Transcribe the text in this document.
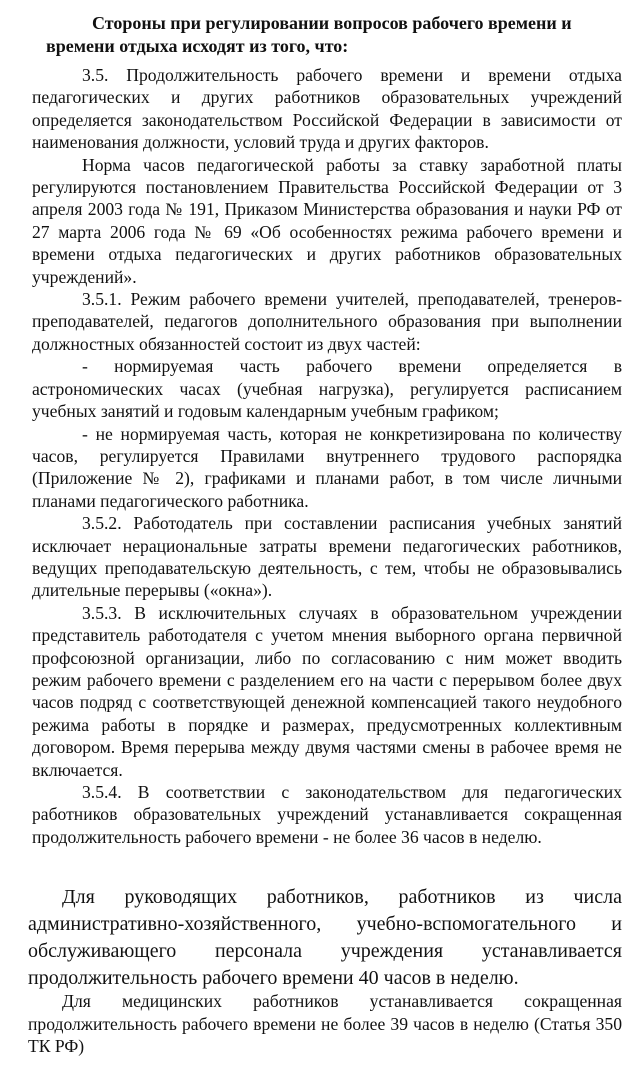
Стороны при регулировании вопросов рабочего времени и
времени отдыха исходят из того, что:

3.5. Продолжительность рабочего времени и времени отдыха педагогических и других работников образовательных учреждений определяется законодательством Российской Федерации в зависимости от наименования должности, условий труда и других факторов.

Норма часов педагогической работы за ставку заработной платы регулируются постановлением Правительства Российской Федерации от 3 апреля 2003 года № 191, Приказом Министерства образования и науки РФ от 27 марта 2006 года № 69 «Об особенностях режима рабочего времени и времени отдыха педагогических и других работников образовательных учреждений».

3.5.1. Режим рабочего времени учителей, преподавателей, тренеров-преподавателей, педагогов дополнительного образования при выполнении должностных обязанностей состоит из двух частей:

- нормируемая часть рабочего времени определяется в астрономических часах (учебная нагрузка), регулируется расписанием учебных занятий и годовым календарным учебным графиком;

- не нормируемая часть, которая не конкретизирована по количеству часов, регулируется Правилами внутреннего трудового распорядка (Приложение № 2), графиками и планами работ, в том числе личными планами педагогического работника.

3.5.2. Работодатель при составлении расписания учебных занятий исключает нерациональные затраты времени педагогических работников, ведущих преподавательскую деятельность, с тем, чтобы не образовывались длительные перерывы («окна»).

3.5.3. В исключительных случаях в образовательном учреждении представитель работодателя с учетом мнения выборного органа первичной профсоюзной организации, либо по согласованию с ним может вводить режим рабочего времени с разделением его на части с перерывом более двух часов подряд с соответствующей денежной компенсацией такого неудобного режима работы в порядке и размерах, предусмотренных коллективным договором. Время перерыва между двумя частями смены в рабочее время не включается.

3.5.4. В соответствии с законодательством для педагогических работников образовательных учреждений устанавливается сокращенная продолжительность рабочего времени - не более 36 часов в неделю.

Для руководящих работников, работников из числа административно-хозяйственного, учебно-вспомогательного и обслуживающего персонала учреждения устанавливается продолжительность рабочего времени 40 часов в неделю.

Для медицинских работников устанавливается сокращенная продолжительность рабочего времени не более 39 часов в неделю (Статья 350 ТК РФ)
